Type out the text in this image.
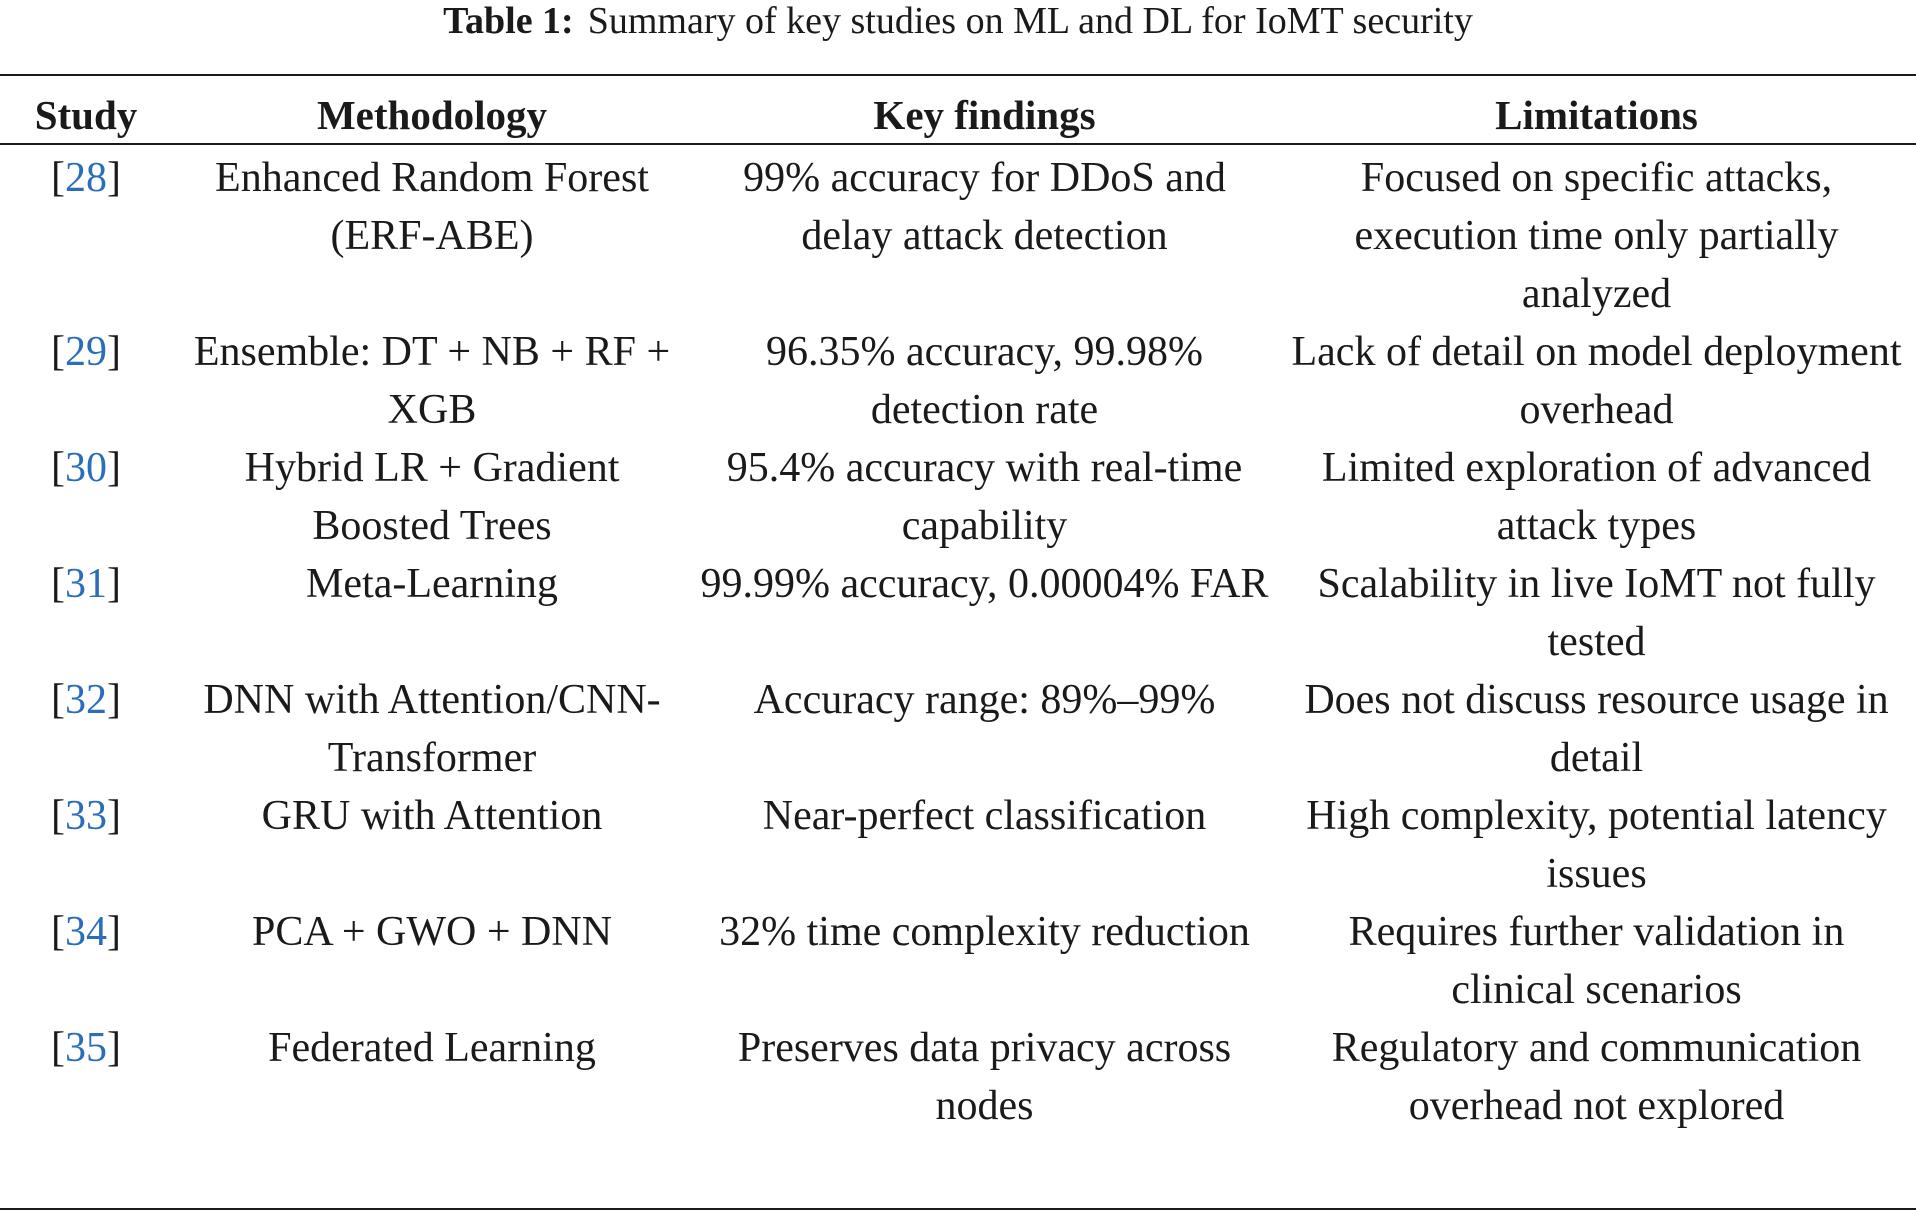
Table 1: Summary of key studies on ML and DL for IoMT security
Study	Methodology	Key findings	Limitations

[28]	Enhanced Random Forest (ERF-ABE)	99% accuracy for DDoS and delay attack detection	Focused on specific attacks, execution time only partially analyzed
[29]	Ensemble: DT + NB + RF + XGB	96.35% accuracy, 99.98% detection rate	Lack of detail on model deployment overhead
[30]	Hybrid LR + Gradient Boosted Trees	95.4% accuracy with real-time capability	Limited exploration of advanced attack types
[31]	Meta-Learning	99.99% accuracy, 0.00004% FAR	Scalability in live IoMT not fully tested
[32]	DNN with Attention/CNN-Transformer	Accuracy range: 89%–99%	Does not discuss resource usage in detail
[33]	GRU with Attention	Near-perfect classification	High complexity, potential latency issues
[34]	PCA + GWO + DNN	32% time complexity reduction	Requires further validation in clinical scenarios
[35]	Federated Learning	Preserves data privacy across nodes	Regulatory and communication overhead not explored
